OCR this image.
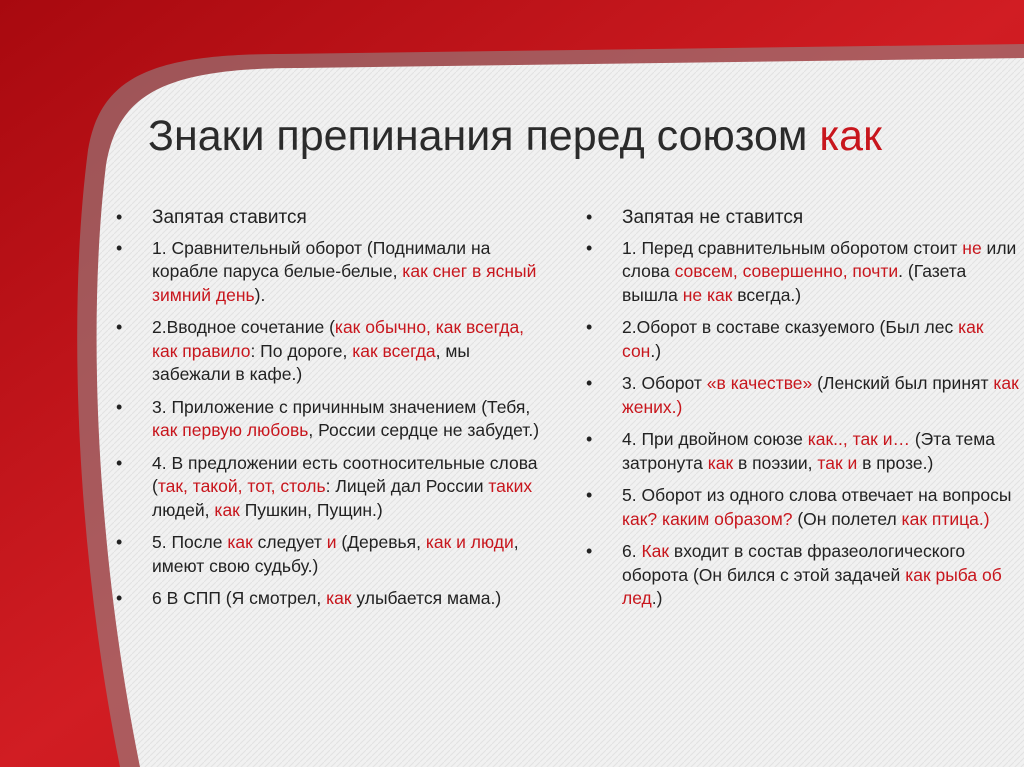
Знаки препинания перед союзом как
• Запятая ставится
• 1. Сравнительный оборот (Поднимали на корабле паруса белые-белые, как снег в ясный зимний день).
• 2.Вводное сочетание (как обычно, как всегда, как правило: По дороге, как всегда, мы забежали в кафе.)
• 3. Приложение с причинным значением (Тебя, как первую любовь, России сердце не забудет.)
• 4. В предложении есть соотносительные слова (так, такой, тот, столь: Лицей дал России таких людей, как Пушкин, Пущин.)
• 5. После как следует и (Деревья, как и люди, имеют свою судьбу.)
• 6 В СПП (Я смотрел, как улыбается мама.)
• Запятая не ставится
• 1. Перед сравнительным оборотом стоит не или слова совсем, совершенно, почти. (Газета вышла не как всегда.)
• 2.Оборот в составе сказуемого (Был лес как сон.)
• 3. Оборот «в качестве» (Ленский был принят как жених.)
• 4. При двойном союзе как.., так и… (Эта тема затронута как в поэзии, так и в прозе.)
• 5. Оборот из одного слова отвечает на вопросы как? каким образом? (Он полетел как птица.)
• 6. Как входит в состав фразеологического оборота (Он бился с этой задачей как рыба об лед.)
